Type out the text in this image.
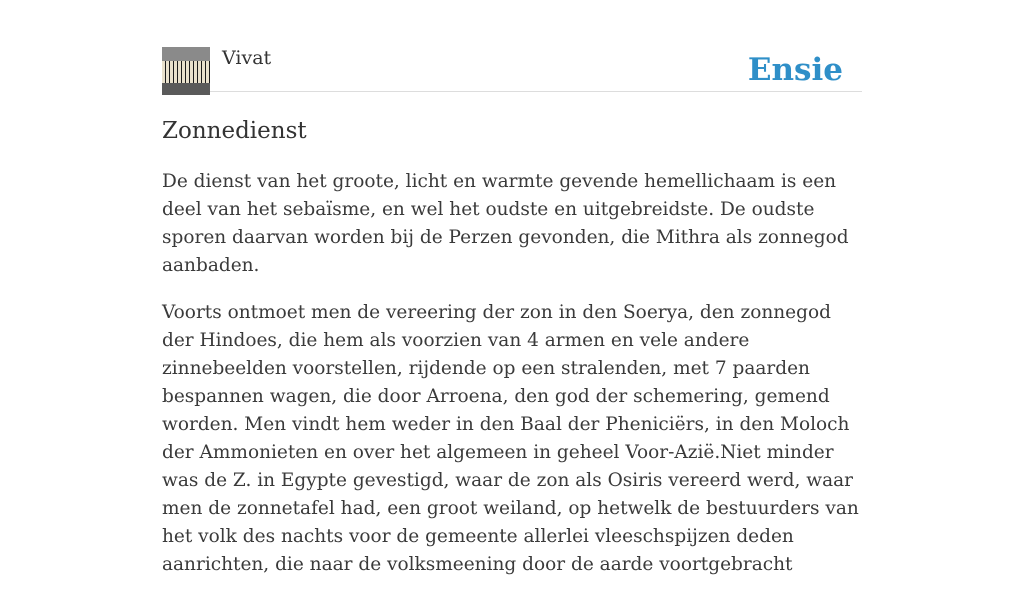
Vivat	Ensie
Zonnedienst

De dienst van het groote, licht en warmte gevende hemellichaam is een deel van het sebaïsme, en wel het oudste en uitgebreidste. De oudste sporen daarvan worden bij de Perzen gevonden, die Mithra als zonnegod aanbaden.

Voorts ontmoet men de vereering der zon in den Soerya, den zonnegod der Hindoes, die hem als voorzien van 4 armen en vele andere zinnebeelden voorstellen, rijdende op een stralenden, met 7 paarden bespannen wagen, die door Arroena, den god der schemering, gemend worden. Men vindt hem weder in den Baal der Pheniciërs, in den Moloch der Ammonieten en over het algemeen in geheel Voor-Azië.Niet minder was de Z. in Egypte gevestigd, waar de zon als Osiris vereerd werd, waar men de zonnetafel had, een groot weiland, op hetwelk de bestuurders van het volk des nachts voor de gemeente allerlei vleeschspijzen deden aanrichten, die naar de volksmeening door de aarde voortgebracht
